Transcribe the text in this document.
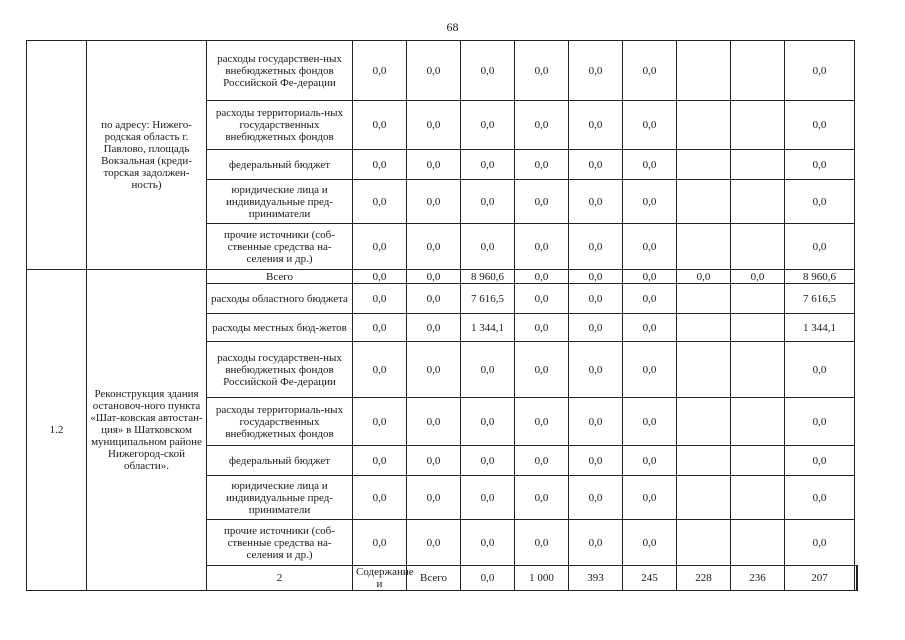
68
	по адресу: Нижего-родская область г. Павлово, площадь Вокзальная (креди-торская задолжен-ность)	расходы государствен-ных внебюджетных фондов Российской Фе-дерации	0,0	0,0	0,0	0,0	0,0	0,0			0,0		
		расходы территориаль-ных государственных внебюджетных фондов	0,0	0,0	0,0	0,0	0,0	0,0			0,0		
		федеральный бюджет	0,0	0,0	0,0	0,0	0,0	0,0			0,0		
		юридические лица и индивидуальные пред-приниматели	0,0	0,0	0,0	0,0	0,0	0,0			0,0		
		прочие источники (соб-ственные средства на-селения и др.)	0,0	0,0	0,0	0,0	0,0	0,0			0,0		
1.2	Реконструкция здания остановоч-ного пункта «Шат-ковская автостан-ция» в Шатковском муниципальном районе Нижегород-ской области».	Всего	0,0	0,0	8 960,6	0,0	0,0	0,0	0,0	0,0	8 960,6		
		расходы областного бюджета	0,0	0,0	7 616,5	0,0	0,0	0,0			7 616,5		
		расходы местных бюд-жетов	0,0	0,0	1 344,1	0,0	0,0	0,0			1 344,1		
		расходы государствен-ных внебюджетных фондов Российской Фе-дерации	0,0	0,0	0,0	0,0	0,0	0,0			0,0		
		расходы территориаль-ных государственных внебюджетных фондов	0,0	0,0	0,0	0,0	0,0	0,0			0,0		
		федеральный бюджет	0,0	0,0	0,0	0,0	0,0	0,0			0,0		
		юридические лица и индивидуальные пред-приниматели	0,0	0,0	0,0	0,0	0,0	0,0			0,0		
		прочие источники (соб-ственные средства на-селения и др.)	0,0	0,0	0,0	0,0	0,0	0,0			0,0		
		2	Содержание и	Всего	0,0	1 000	393	245	228	236	207		
